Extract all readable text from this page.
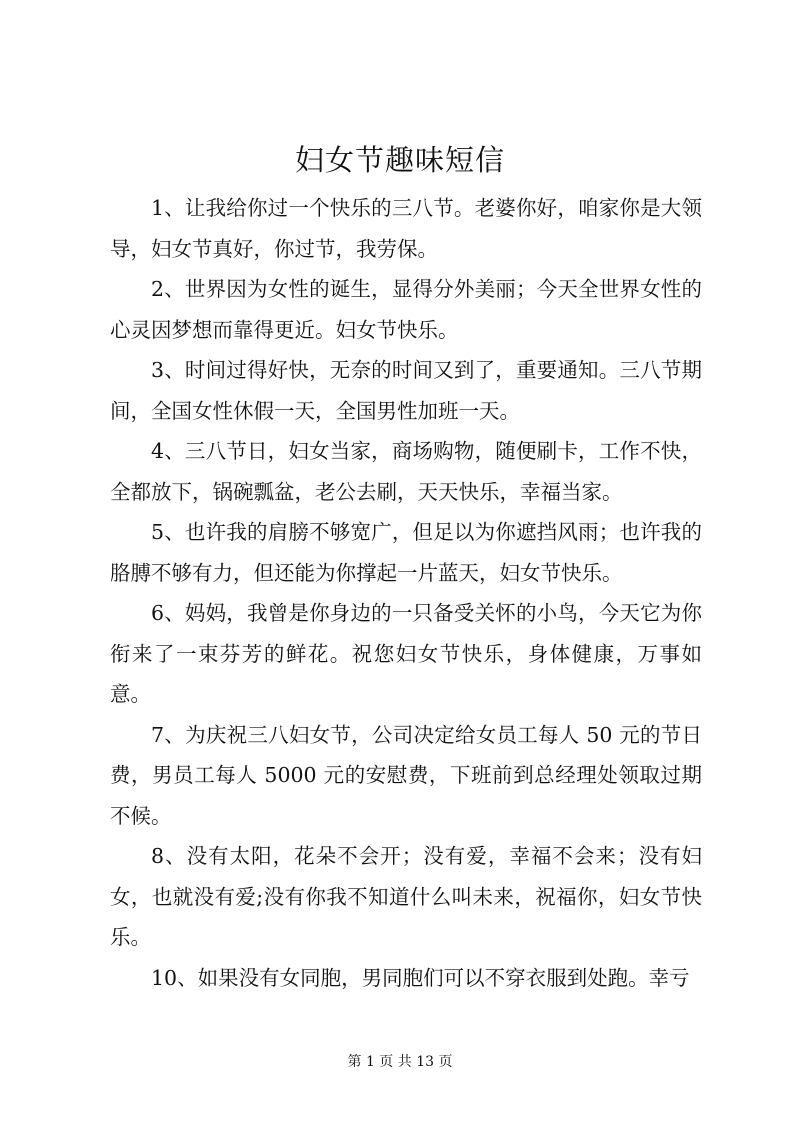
妇女节趣味短信

1、让我给你过一个快乐的三八节。老婆你好，咱家你是大领导，妇女节真好，你过节，我劳保。

2、世界因为女性的诞生，显得分外美丽；今天全世界女性的心灵因梦想而靠得更近。妇女节快乐。

3、时间过得好快，无奈的时间又到了，重要通知。三八节期间，全国女性休假一天，全国男性加班一天。

4、三八节日，妇女当家，商场购物，随便刷卡，工作不快，全都放下，锅碗瓢盆，老公去刷，天天快乐，幸福当家。

5、也许我的肩膀不够宽广，但足以为你遮挡风雨；也许我的胳膊不够有力，但还能为你撑起一片蓝天，妇女节快乐。

6、妈妈，我曾是你身边的一只备受关怀的小鸟，今天它为你衔来了一束芬芳的鲜花。祝您妇女节快乐，身体健康，万事如意。

7、为庆祝三八妇女节，公司决定给女员工每人 50 元的节日费，男员工每人 5000 元的安慰费，下班前到总经理处领取过期不候。

8、没有太阳，花朵不会开；没有爱，幸福不会来；没有妇女，也就没有爱;没有你我不知道什么叫未来，祝福你，妇女节快乐。

10、如果没有女同胞，男同胞们可以不穿衣服到处跑。幸亏

第 1 页 共 13 页
